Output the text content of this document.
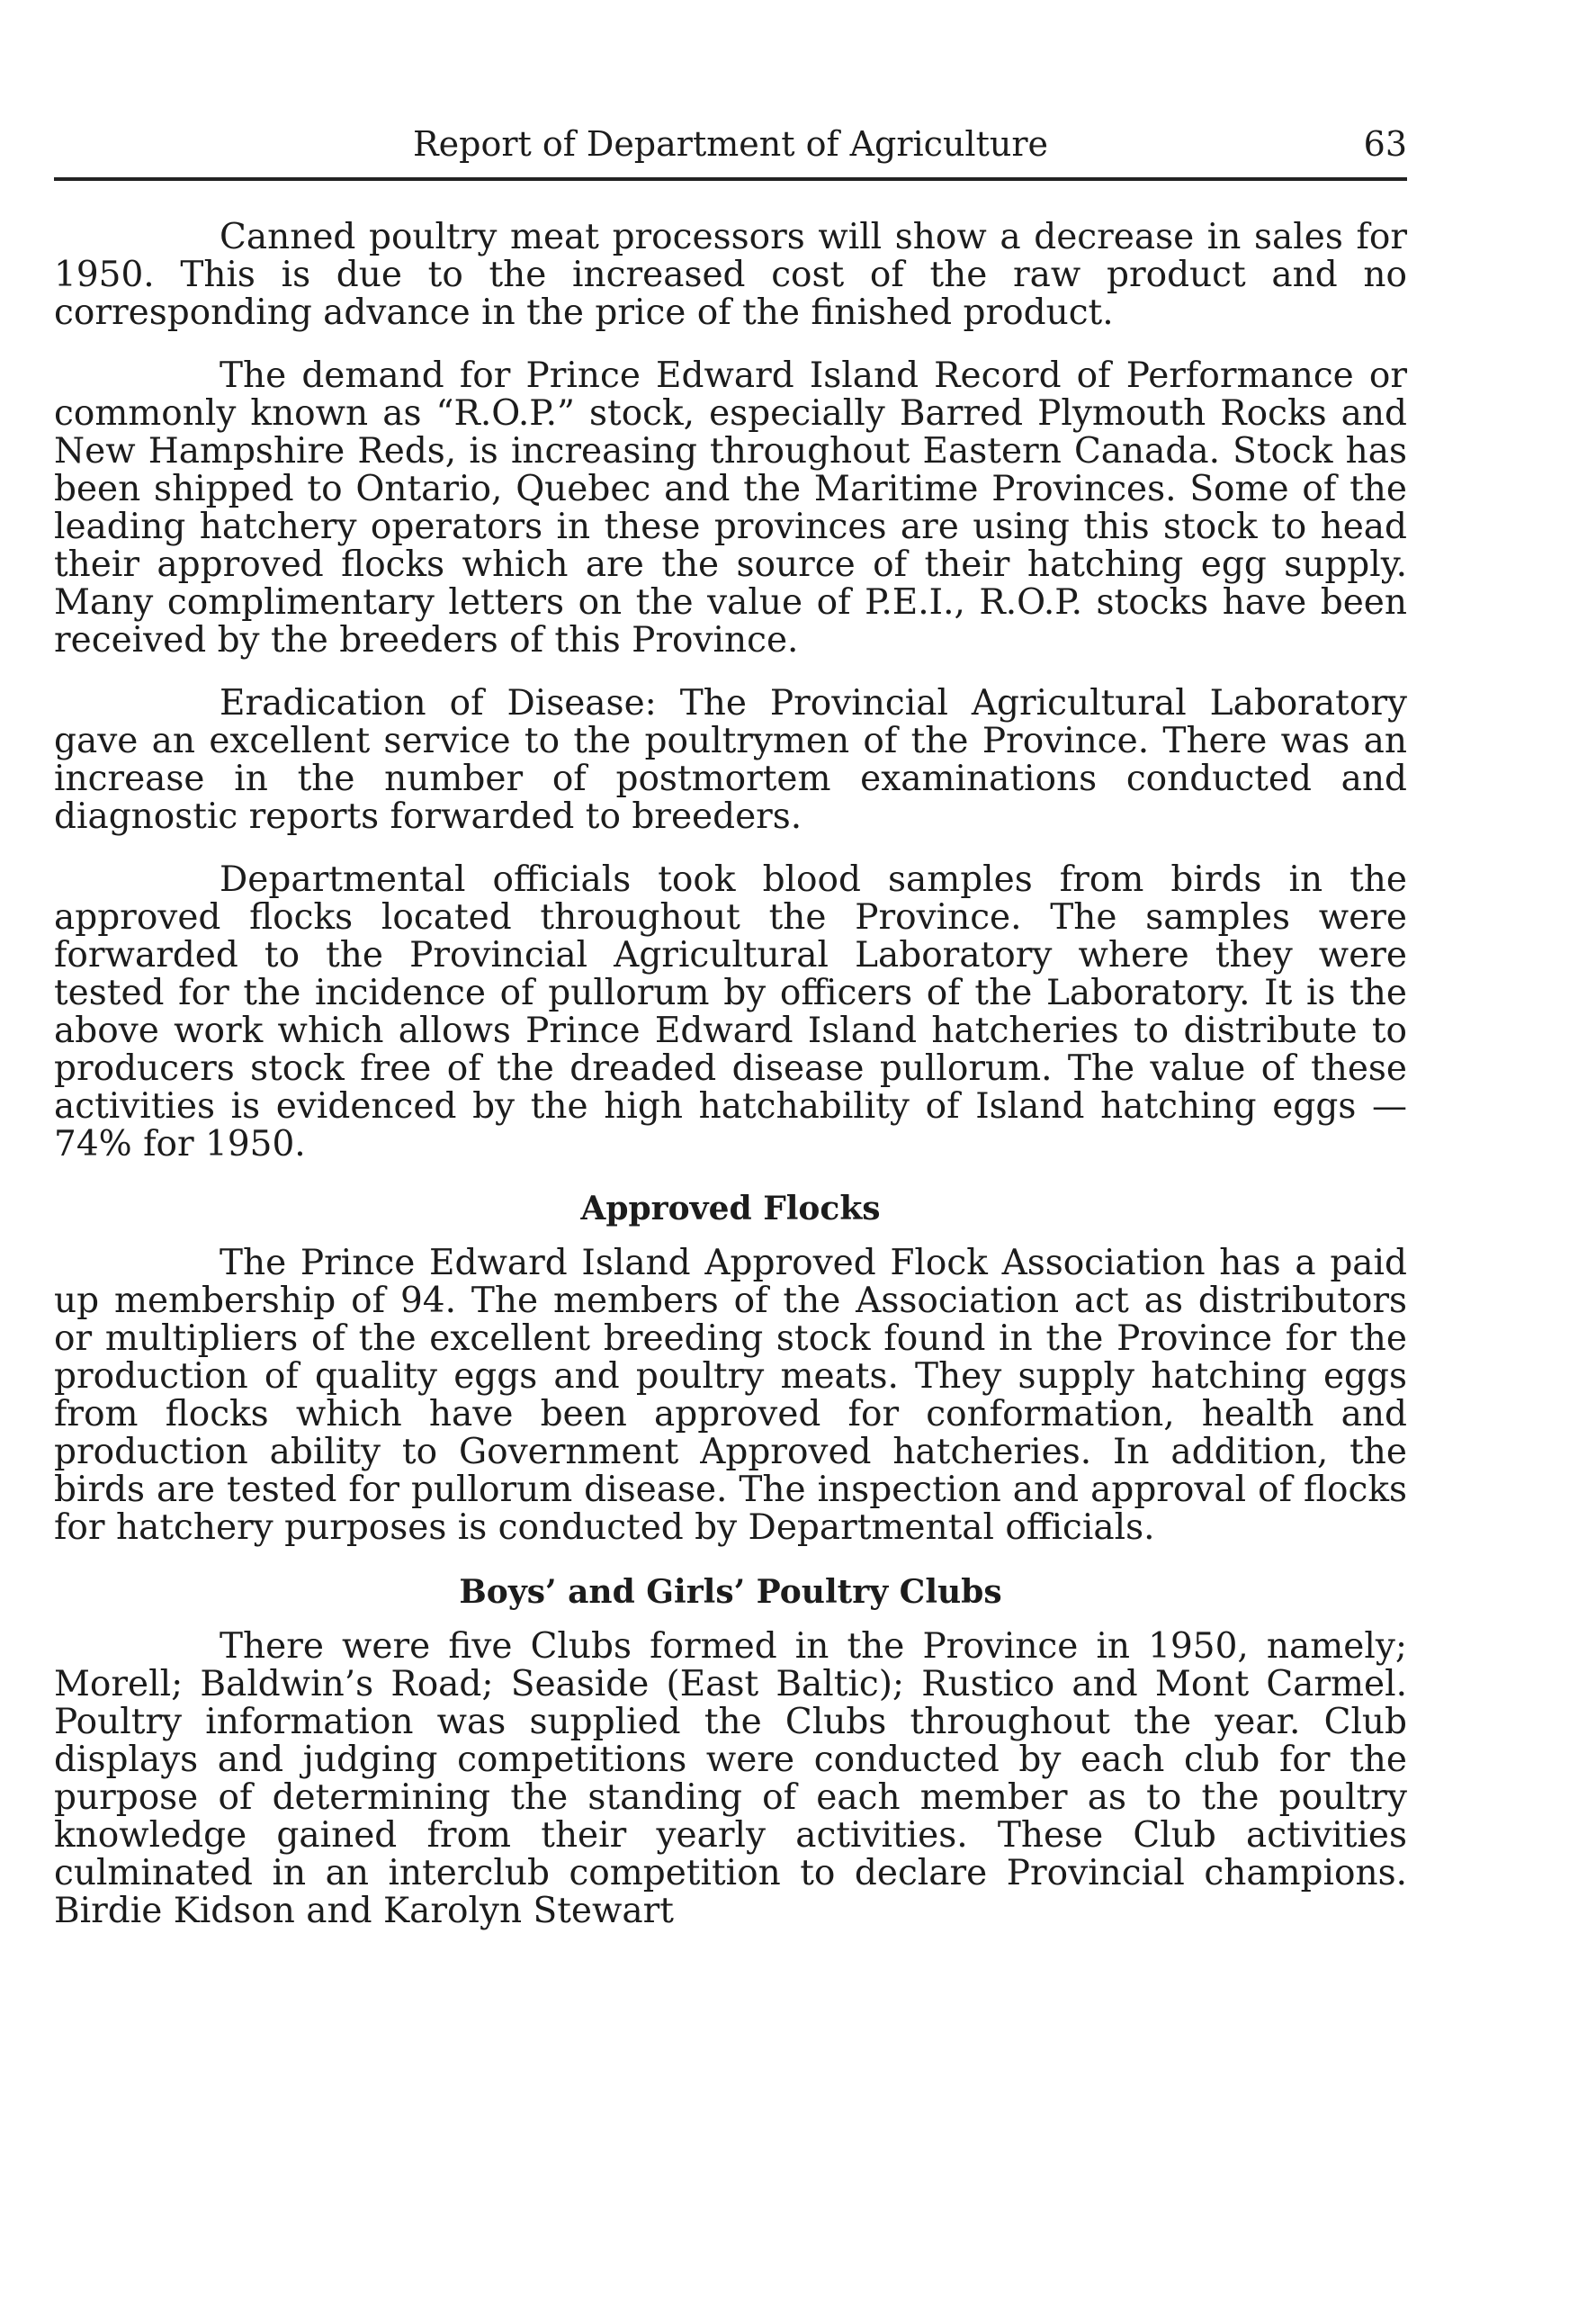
Report of Department of Agriculture	63

Canned poultry meat processors will show a decrease in sales for 1950. This is due to the increased cost of the raw product and no corresponding advance in the price of the finished product.

The demand for Prince Edward Island Record of Performance or commonly known as “R.O.P.” stock, especially Barred Plymouth Rocks and New Hampshire Reds, is increasing throughout Eastern Canada. Stock has been shipped to Ontario, Quebec and the Maritime Provinces. Some of the leading hatchery operators in these provinces are using this stock to head their approved flocks which are the source of their hatching egg supply. Many complimentary letters on the value of P.E.I., R.O.P. stocks have been received by the breeders of this Province.

Eradication of Disease: The Provincial Agricultural Laboratory gave an excellent service to the poultrymen of the Province. There was an increase in the number of postmortem examinations conducted and diagnostic reports forwarded to breeders.

Departmental officials took blood samples from birds in the approved flocks located throughout the Province. The samples were forwarded to the Provincial Agricultural Laboratory where they were tested for the incidence of pullorum by officers of the Laboratory. It is the above work which allows Prince Edward Island hatcheries to distribute to producers stock free of the dreaded disease pullorum. The value of these activities is evidenced by the high hatchability of Island hatching eggs — 74% for 1950.

Approved Flocks

The Prince Edward Island Approved Flock Association has a paid up membership of 94. The members of the Association act as distributors or multipliers of the excellent breeding stock found in the Province for the production of quality eggs and poultry meats. They supply hatching eggs from flocks which have been approved for conformation, health and production ability to Government Approved hatcheries. In addition, the birds are tested for pullorum disease. The inspection and approval of flocks for hatchery purposes is conducted by Departmental officials.

Boys’ and Girls’ Poultry Clubs

There were five Clubs formed in the Province in 1950, namely; Morell; Baldwin’s Road; Seaside (East Baltic); Rustico and Mont Carmel. Poultry information was supplied the Clubs throughout the year. Club displays and judging competitions were conducted by each club for the purpose of determining the standing of each member as to the poultry knowledge gained from their yearly activities. These Club activities culminated in an interclub competition to declare Provincial champions. Birdie Kidson and Karolyn Stewart
